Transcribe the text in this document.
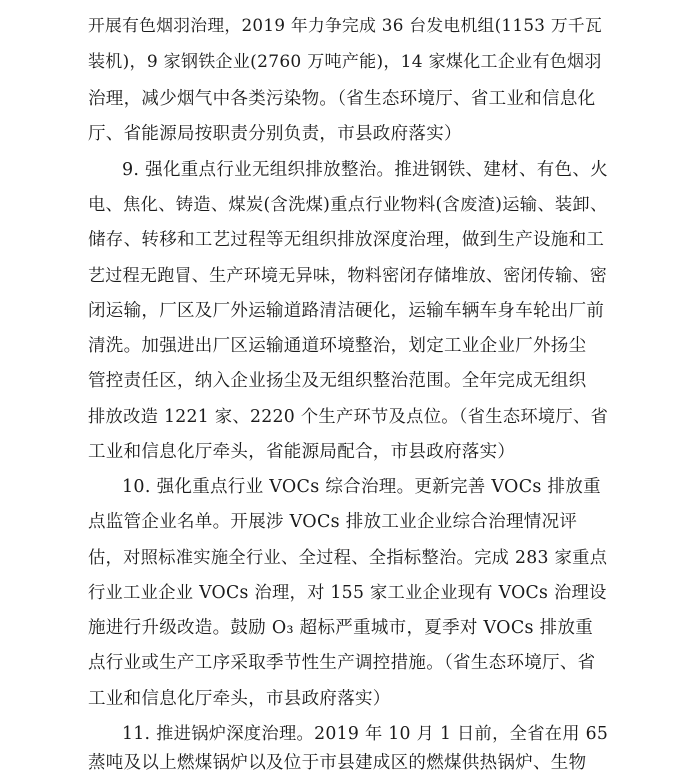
开展有色烟羽治理，2019 年力争完成 36 台发电机组(1153 万千瓦
装机)，9 家钢铁企业(2760 万吨产能)，14 家煤化工企业有色烟羽
治理，减少烟气中各类污染物。（省生态环境厅、省工业和信息化
厅、省能源局按职责分别负责，市县政府落实）
9. 强化重点行业无组织排放整治。推进钢铁、建材、有色、火
电、焦化、铸造、煤炭(含洗煤)重点行业物料(含废渣)运输、装卸、
储存、转移和工艺过程等无组织排放深度治理，做到生产设施和工
艺过程无跑冒、生产环境无异味，物料密闭存储堆放、密闭传输、密
闭运输，厂区及厂外运输道路清洁硬化，运输车辆车身车轮出厂前
清洗。加强进出厂区运输通道环境整治，划定工业企业厂外扬尘
管控责任区，纳入企业扬尘及无组织整治范围。全年完成无组织
排放改造 1221 家、2220 个生产环节及点位。（省生态环境厅、省
工业和信息化厅牵头，省能源局配合，市县政府落实）
10. 强化重点行业 VOCs 综合治理。更新完善 VOCs 排放重
点监管企业名单。开展涉 VOCs 排放工业企业综合治理情况评
估，对照标准实施全行业、全过程、全指标整治。完成 283 家重点
行业工业企业 VOCs 治理，对 155 家工业企业现有 VOCs 治理设
施进行升级改造。鼓励 O₃ 超标严重城市，夏季对 VOCs 排放重
点行业或生产工序采取季节性生产调控措施。（省生态环境厅、省
工业和信息化厅牵头，市县政府落实）
11. 推进锅炉深度治理。2019 年 10 月 1 日前，全省在用 65
蒸吨及以上燃煤锅炉以及位于市县建成区的燃煤供热锅炉、生物
